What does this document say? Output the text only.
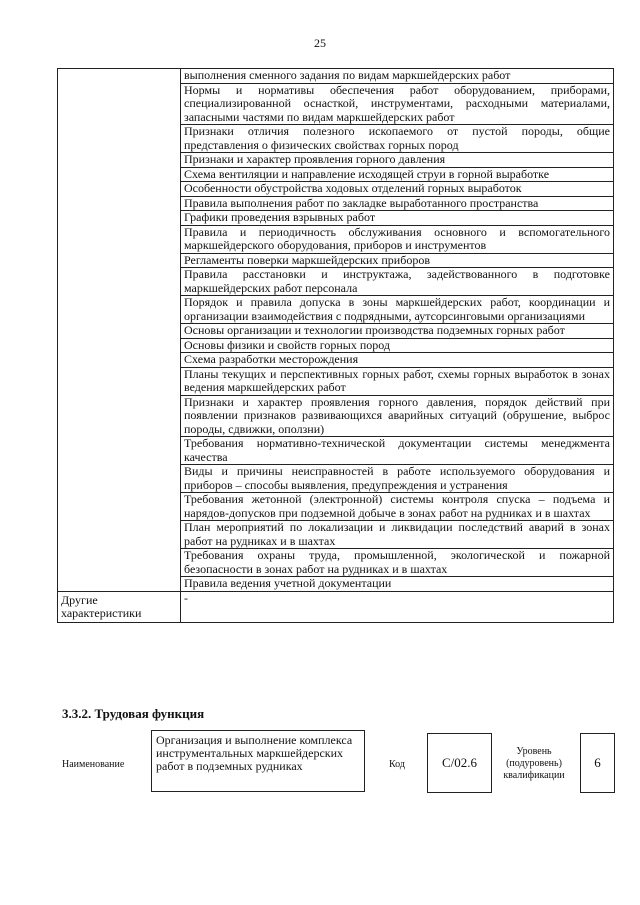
25
	выполнения сменного задания по видам маркшейдерских работ
	Нормы и нормативы обеспечения работ оборудованием, приборами, специализированной оснасткой, инструментами, расходными материалами, запасными частями по видам маркшейдерских работ
	Признаки отличия полезного ископаемого от пустой породы, общие представления о физических свойствах горных пород
	Признаки и характер проявления горного давления
	Схема вентиляции и направление исходящей струи в горной выработке
	Особенности обустройства ходовых отделений горных выработок
	Правила выполнения работ по закладке выработанного пространства
	Графики проведения взрывных работ
	Правила и периодичность обслуживания основного и вспомогательного маркшейдерского оборудования, приборов и инструментов
	Регламенты поверки маркшейдерских приборов
	Правила расстановки и инструктажа, задействованного в подготовке маркшейдерских работ персонала
	Порядок и правила допуска в зоны маркшейдерских работ, координации и организации взаимодействия с подрядными, аутсорсинговыми организациями
	Основы организации и технологии производства подземных горных работ
	Основы физики и свойств горных пород
	Схема разработки месторождения
	Планы текущих и перспективных горных работ, схемы горных выработок в зонах ведения маркшейдерских работ
	Признаки и характер проявления горного давления, порядок действий при появлении признаков развивающихся аварийных ситуаций (обрушение, выброс породы, сдвижки, оползни)
	Требования нормативно-технической документации системы менеджмента качества
	Виды и причины неисправностей в работе используемого оборудования и приборов – способы выявления, предупреждения и устранения
	Требования жетонной (электронной) системы контроля спуска – подъема и нарядов-допусков при подземной добыче в зонах работ на рудниках и в шахтах
	План мероприятий по локализации и ликвидации последствий аварий в зонах работ на рудниках и в шахтах
	Требования охраны труда, промышленной, экологической и пожарной безопасности в зонах работ на рудниках и в шахтах
	Правила ведения учетной документации
Другие характеристики	-
3.3.2. Трудовая функция
Наименование
Организация и выполнение комплекса инструментальных маркшейдерских работ в подземных рудниках	Код	C/02.6
Уровень (подуровень) квалификации
6
